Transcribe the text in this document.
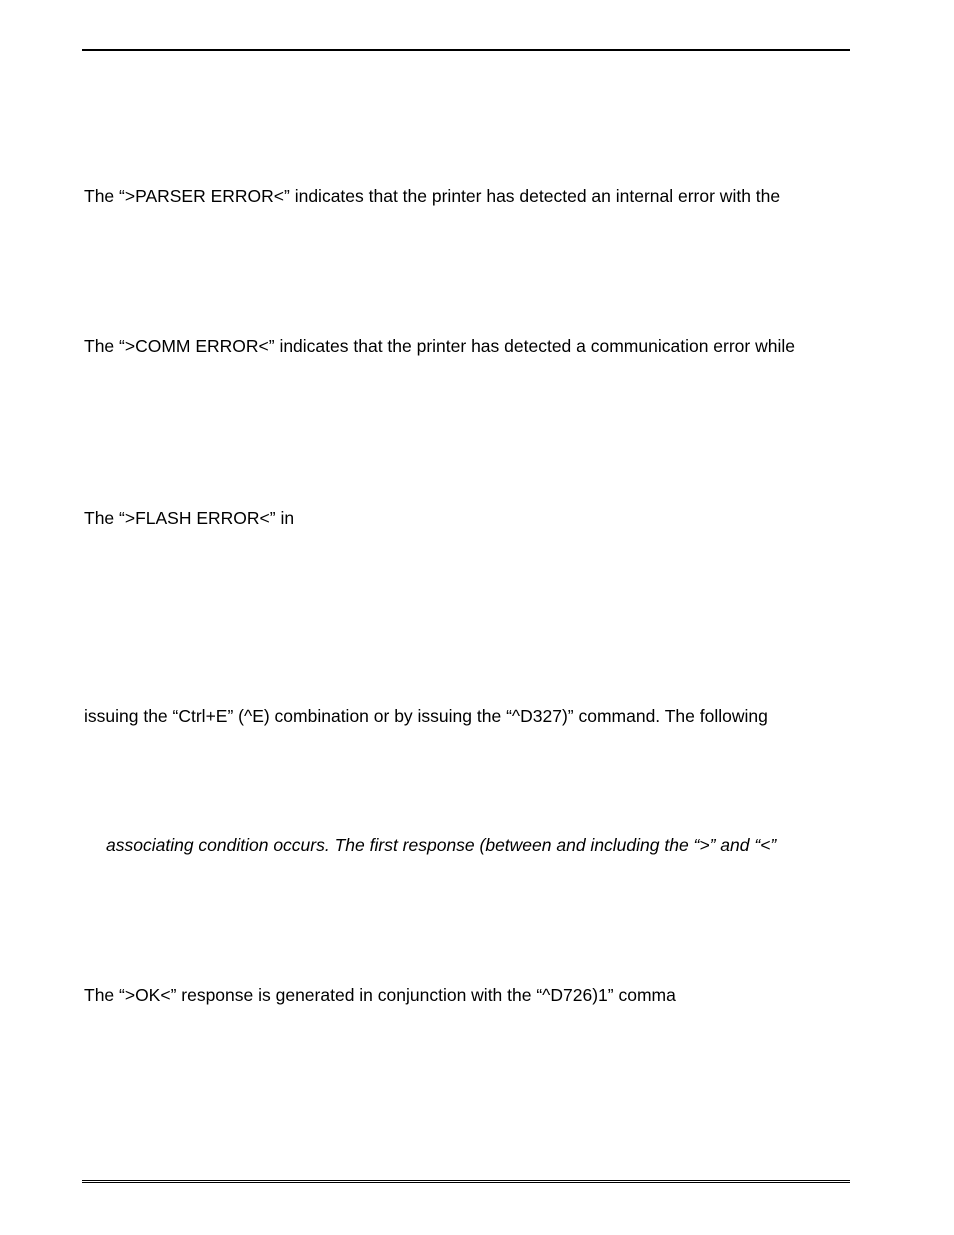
The “>PARSER ERROR<” indicates that the printer has detected an internal error with the
The “>COMM ERROR<” indicates that the printer has detected a communication error while
The “>FLASH ERROR<” in
issuing the “Ctrl+E” (^E) combination or by issuing the “^D327)” command. The following
associating condition occurs. The first response (between and including the “>” and “<”
The “>OK<” response is generated in conjunction with the “^D726)1” comma
